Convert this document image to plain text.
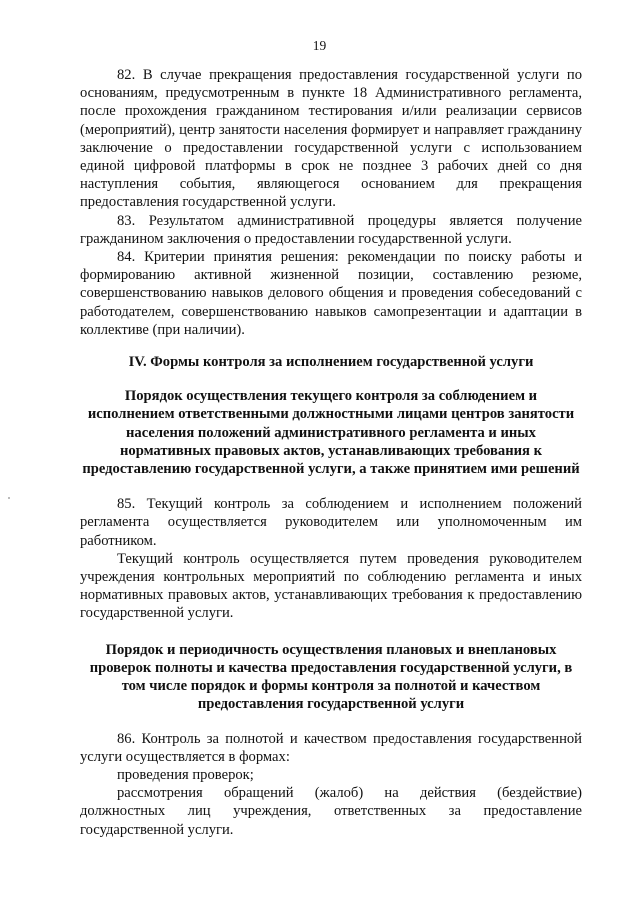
19

82. В случае прекращения предоставления государственной услуги по основаниям, предусмотренным в пункте 18 Административного регламента, после прохождения гражданином тестирования и/или реализации сервисов (мероприятий), центр занятости населения формирует и направляет гражданину заключение о предоставлении государственной услуги с использованием единой цифровой платформы в срок не позднее 3 рабочих дней со дня наступления события, являющегося основанием для прекращения предоставления государственной услуги.

83. Результатом административной процедуры является получение гражданином заключения о предоставлении государственной услуги.

84. Критерии принятия решения: рекомендации по поиску работы и формированию активной жизненной позиции, составлению резюме, совершенствованию навыков делового общения и проведения собеседований с работодателем, совершенствованию навыков самопрезентации и адаптации в коллективе (при наличии).

IV. Формы контроля за исполнением государственной услуги

Порядок осуществления текущего контроля за соблюдением и исполнением ответственными должностными лицами центров занятости населения положений административного регламента и иных нормативных правовых актов, устанавливающих требования к предоставлению государственной услуги, а также принятием ими решений

85. Текущий контроль за соблюдением и исполнением положений регламента осуществляется руководителем или уполномоченным им работником.

Текущий контроль осуществляется путем проведения руководителем учреждения контрольных мероприятий по соблюдению регламента и иных нормативных правовых актов, устанавливающих требования к предоставлению государственной услуги.

Порядок и периодичность осуществления плановых и внеплановых проверок полноты и качества предоставления государственной услуги, в том числе порядок и формы контроля за полнотой и качеством предоставления государственной услуги

86. Контроль за полнотой и качеством предоставления государственной услуги осуществляется в формах:

проведения проверок;

рассмотрения обращений (жалоб) на действия (бездействие) должностных лиц учреждения, ответственных за предоставление государственной услуги.
